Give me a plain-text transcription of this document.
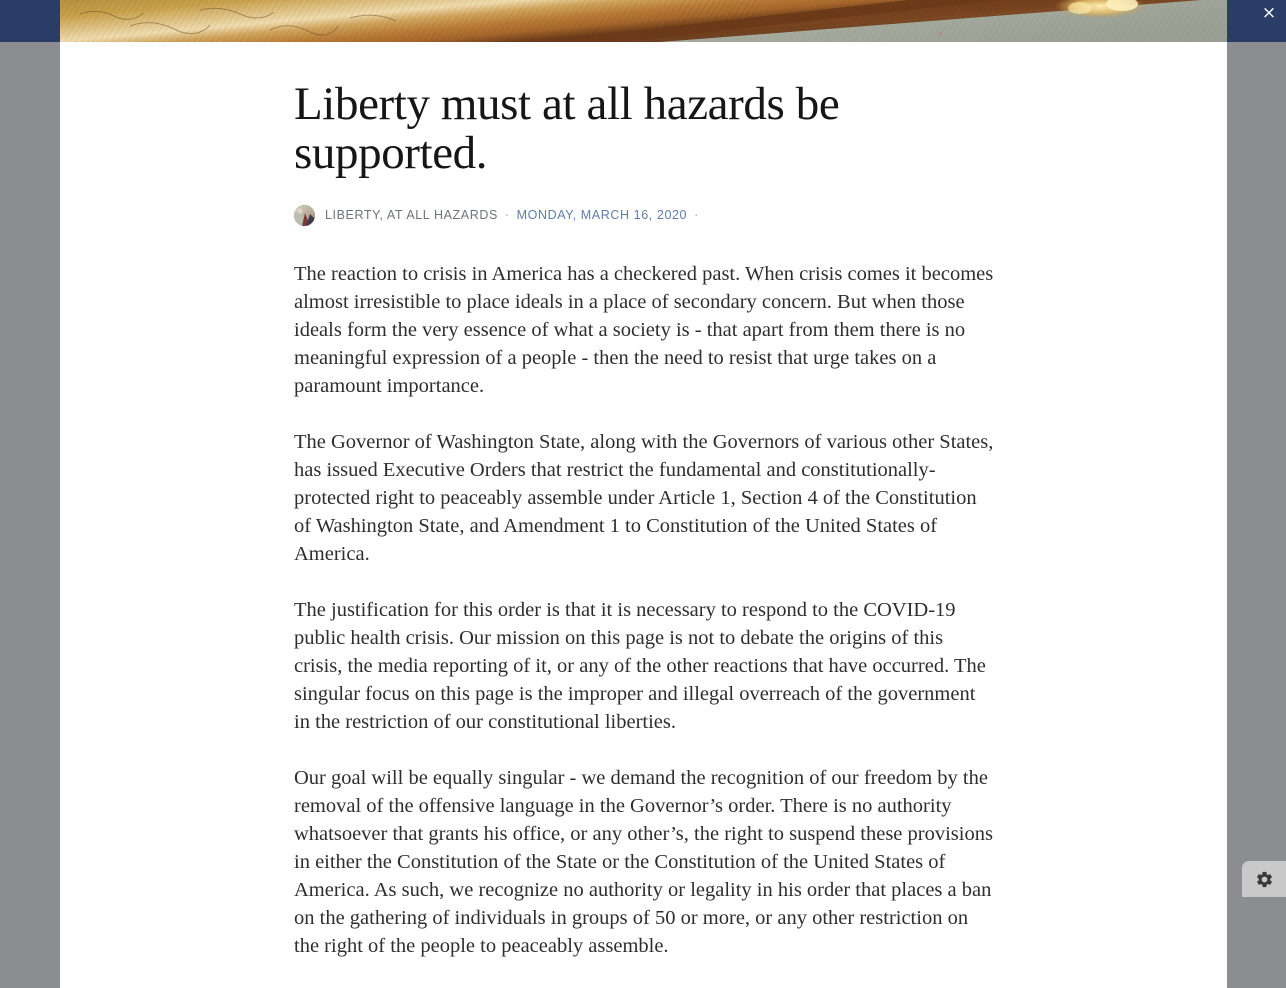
×
Liberty must at all hazards be supported.
LIBERTY, AT ALL HAZARDS · MONDAY, MARCH 16, 2020 ·

The reaction to crisis in America has a checkered past. When crisis comes it becomes almost irresistible to place ideals in a place of secondary concern. But when those ideals form the very essence of what a society is - that apart from them there is no meaningful expression of a people - then the need to resist that urge takes on a paramount importance.

The Governor of Washington State, along with the Governors of various other States, has issued Executive Orders that restrict the fundamental and constitutionally-protected right to peaceably assemble under Article 1, Section 4 of the Constitution of Washington State, and Amendment 1 to Constitution of the United States of America.

The justification for this order is that it is necessary to respond to the COVID-19 public health crisis. Our mission on this page is not to debate the origins of this crisis, the media reporting of it, or any of the other reactions that have occurred. The singular focus on this page is the improper and illegal overreach of the government in the restriction of our constitutional liberties.

Our goal will be equally singular - we demand the recognition of our freedom by the removal of the offensive language in the Governor’s order. There is no authority whatsoever that grants his office, or any other’s, the right to suspend these provisions in either the Constitution of the State or the Constitution of the United States of America. As such, we recognize no authority or legality in his order that places a ban on the gathering of individuals in groups of 50 or more, or any other restriction on the right of the people to peaceably assemble.
